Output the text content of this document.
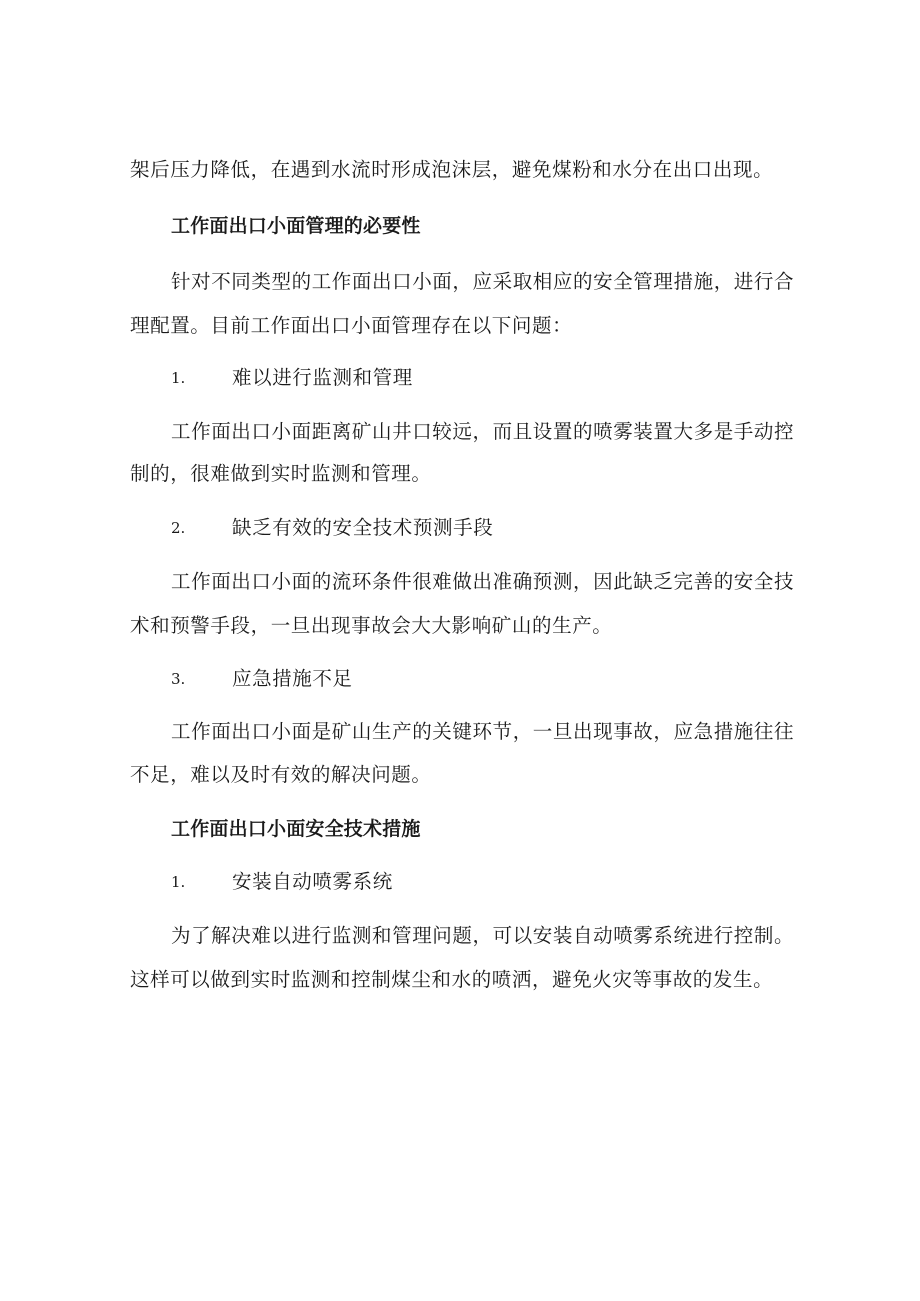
架后压力降低，在遇到水流时形成泡沫层，避免煤粉和水分在出口出现。
工作面出口小面管理的必要性
针对不同类型的工作面出口小面，应采取相应的安全管理措施，进行合
理配置。目前工作面出口小面管理存在以下问题：
1. 难以进行监测和管理
工作面出口小面距离矿山井口较远，而且设置的喷雾装置大多是手动控
制的，很难做到实时监测和管理。
2. 缺乏有效的安全技术预测手段
工作面出口小面的流环条件很难做出准确预测，因此缺乏完善的安全技
术和预警手段，一旦出现事故会大大影响矿山的生产。
3. 应急措施不足
工作面出口小面是矿山生产的关键环节，一旦出现事故，应急措施往往
不足，难以及时有效的解决问题。
工作面出口小面安全技术措施
1. 安装自动喷雾系统
为了解决难以进行监测和管理问题，可以安装自动喷雾系统进行控制。
这样可以做到实时监测和控制煤尘和水的喷洒，避免火灾等事故的发生。
